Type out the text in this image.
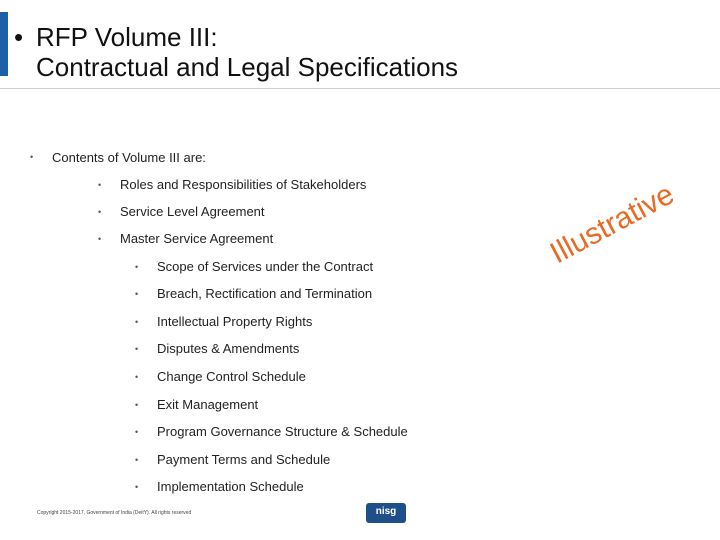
• RFP Volume III:
Contractual and Legal Specifications
• Contents of Volume III are:
• Roles and Responsibilities of Stakeholders
• Service Level Agreement
• Master Service Agreement
• Scope of Services under the Contract
• Breach, Rectification and Termination
• Intellectual Property Rights
• Disputes & Amendments
• Change Control Schedule
• Exit Management
• Program Governance Structure & Schedule
• Payment Terms and Schedule
• Implementation Schedule
Illustrative
Copyright 2015-2017, Government of India (DeitY). All rights reserved	nisg
